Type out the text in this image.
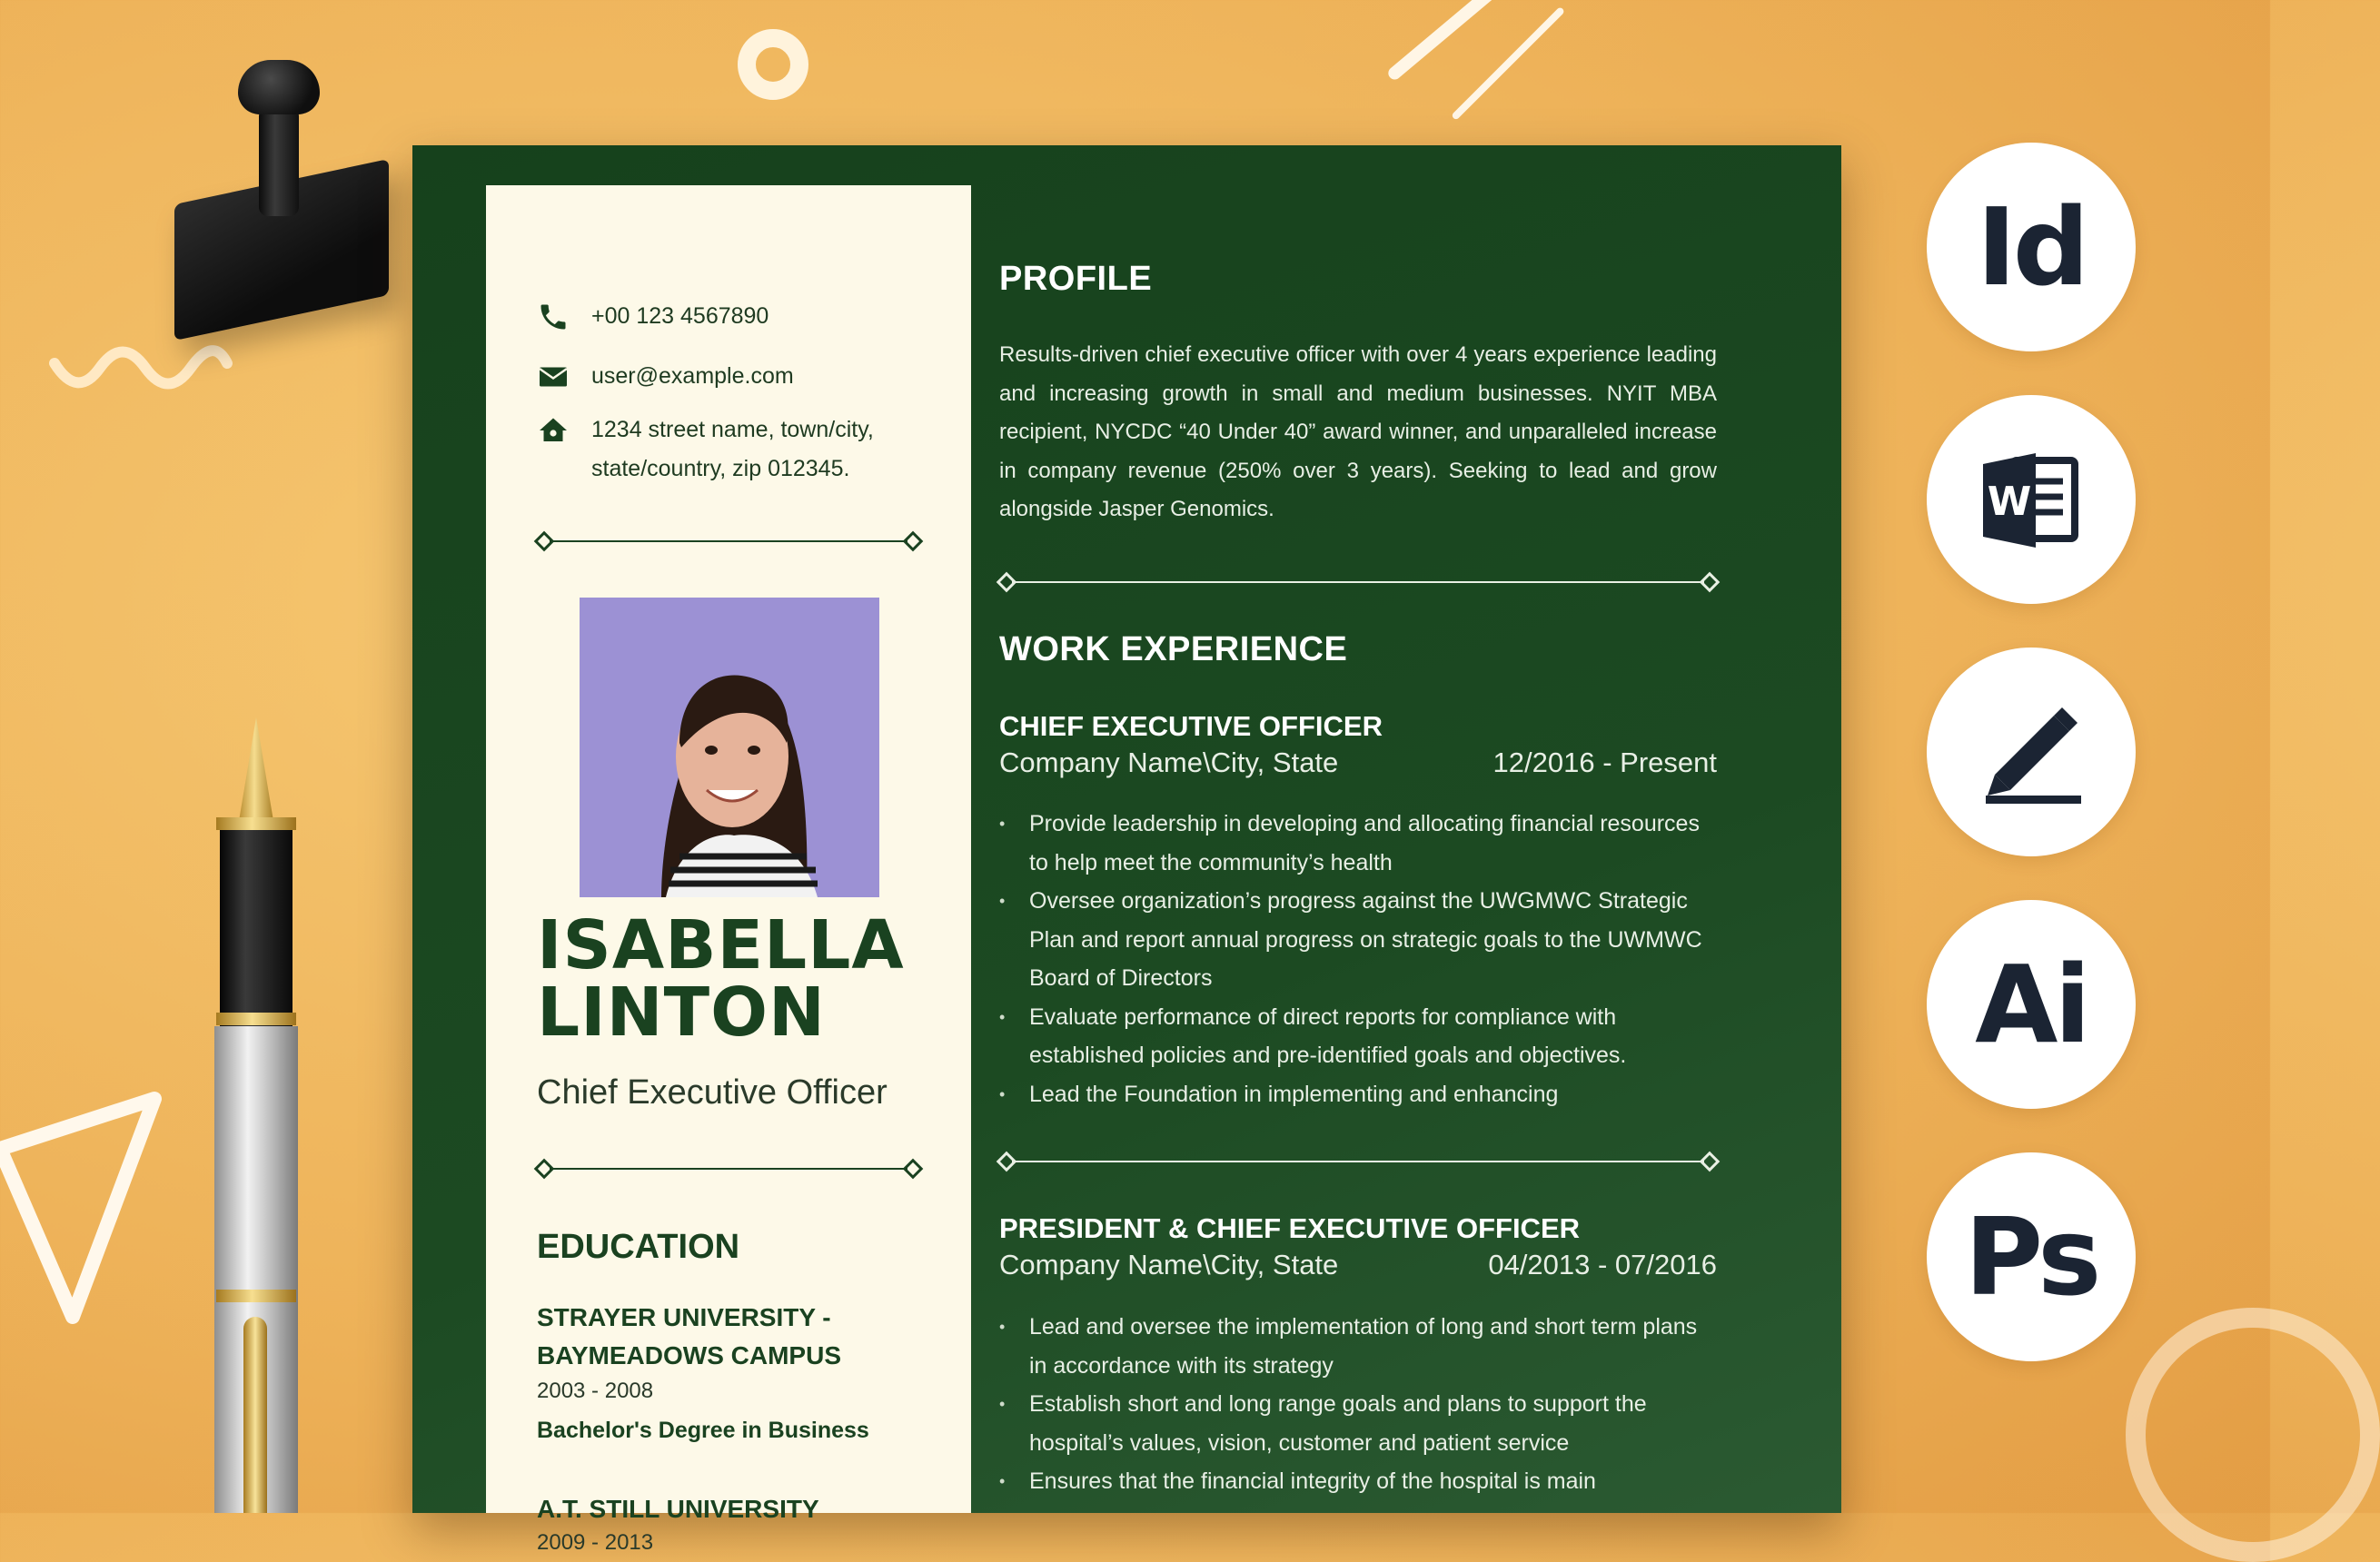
+00 123 4567890
user@example.com
1234 street name, town/city,
state/country, zip 012345.
ISABELLA
LINTON
Chief Executive Officer
EDUCATION
STRAYER UNIVERSITY -
BAYMEADOWS CAMPUS
2003 - 2008
Bachelor's Degree in Business
A.T. STILL UNIVERSITY
2009 - 2013
PROFILE
Results-driven chief executive officer with over 4 years experience leading and increasing growth in small and medium businesses. NYIT MBA recipient, NYCDC “40 Under 40” award winner, and unparalleled increase in company revenue (250% over 3 years). Seeking to lead and grow alongside Jasper Genomics.
WORK EXPERIENCE
CHIEF EXECUTIVE OFFICER
Company Name\City, State	12/2016 - Present
• Provide leadership in developing and allocating financial resources to help meet the community’s health
• Oversee organization’s progress against the UWGMWC Strategic Plan and report annual progress on strategic goals to the UWMWC Board of Directors
• Evaluate performance of direct reports for compliance with established policies and pre-identified goals and objectives.
• Lead the Foundation in implementing and enhancing
PRESIDENT & CHIEF EXECUTIVE OFFICER
Company Name\City, State	04/2013 - 07/2016
• Lead and oversee the implementation of long and short term plans in accordance with its strategy
• Establish short and long range goals and plans to support the hospital’s values, vision, customer and patient service
• Ensures that the financial integrity of the hospital is main
Id
W
Ai
Ps
